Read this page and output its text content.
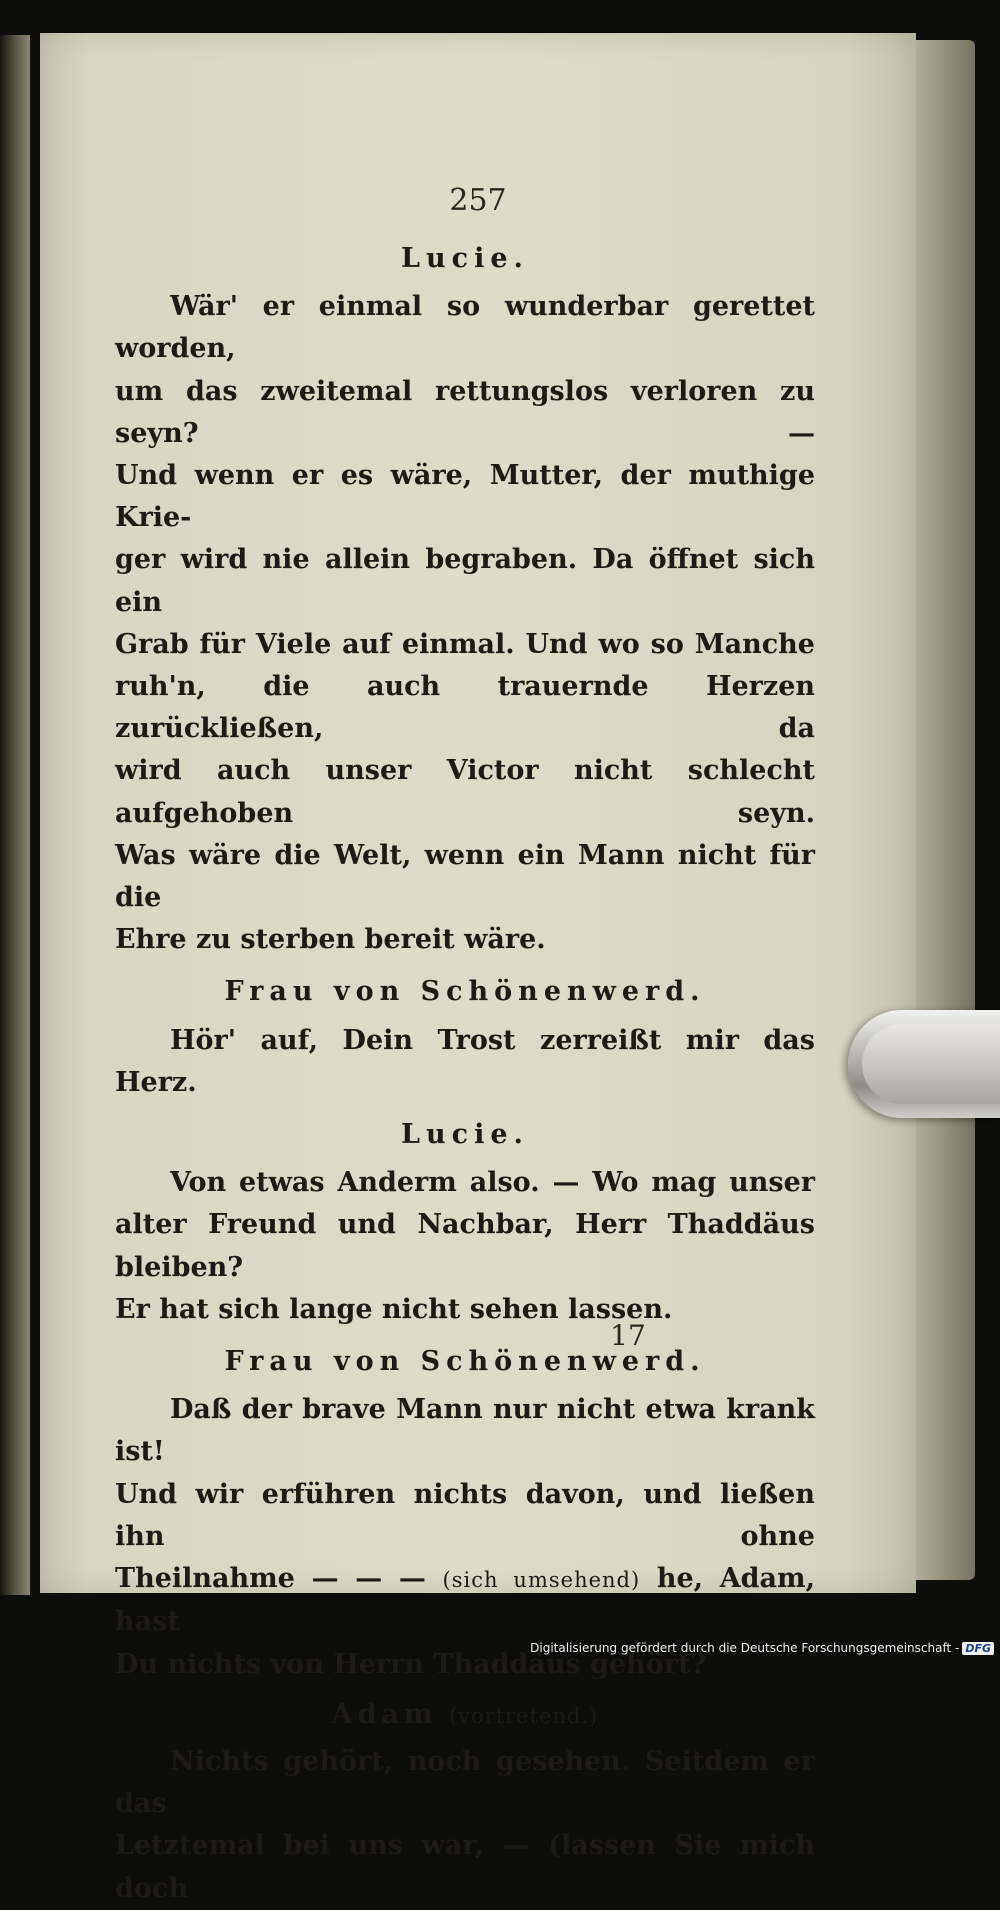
257
Lucie.

Wär' er einmal so wunderbar gerettet worden,

um das zweitemal rettungslos verloren zu seyn? —

Und wenn er es wäre, Mutter, der muthige Krie-

ger wird nie allein begraben. Da öffnet sich ein

Grab für Viele auf einmal. Und wo so Manche

ruh'n, die auch trauernde Herzen zurückließen, da

wird auch unser Victor nicht schlecht aufgehoben seyn.

Was wäre die Welt, wenn ein Mann nicht für die

Ehre zu sterben bereit wäre.

Frau von Schönenwerd.

Hör' auf, Dein Trost zerreißt mir das Herz.

Lucie.

Von etwas Anderm also. — Wo mag unser

alter Freund und Nachbar, Herr Thaddäus bleiben?

Er hat sich lange nicht sehen lassen.

Frau von Schönenwerd.

Daß der brave Mann nur nicht etwa krank ist!

Und wir erführen nichts davon, und ließen ihn ohne

Theilnahme — — — (sich umsehend) he, Adam, hast

Du nichts von Herrn Thaddäus gehört?

Adam (vortretend.)

Nichts gehört, noch gesehen. Seitdem er das

Letztemal bei uns war, — (lassen Sie mich doch

17
Digitalisierung gefördert durch die Deutsche Forschungsgemeinschaft - DFG
